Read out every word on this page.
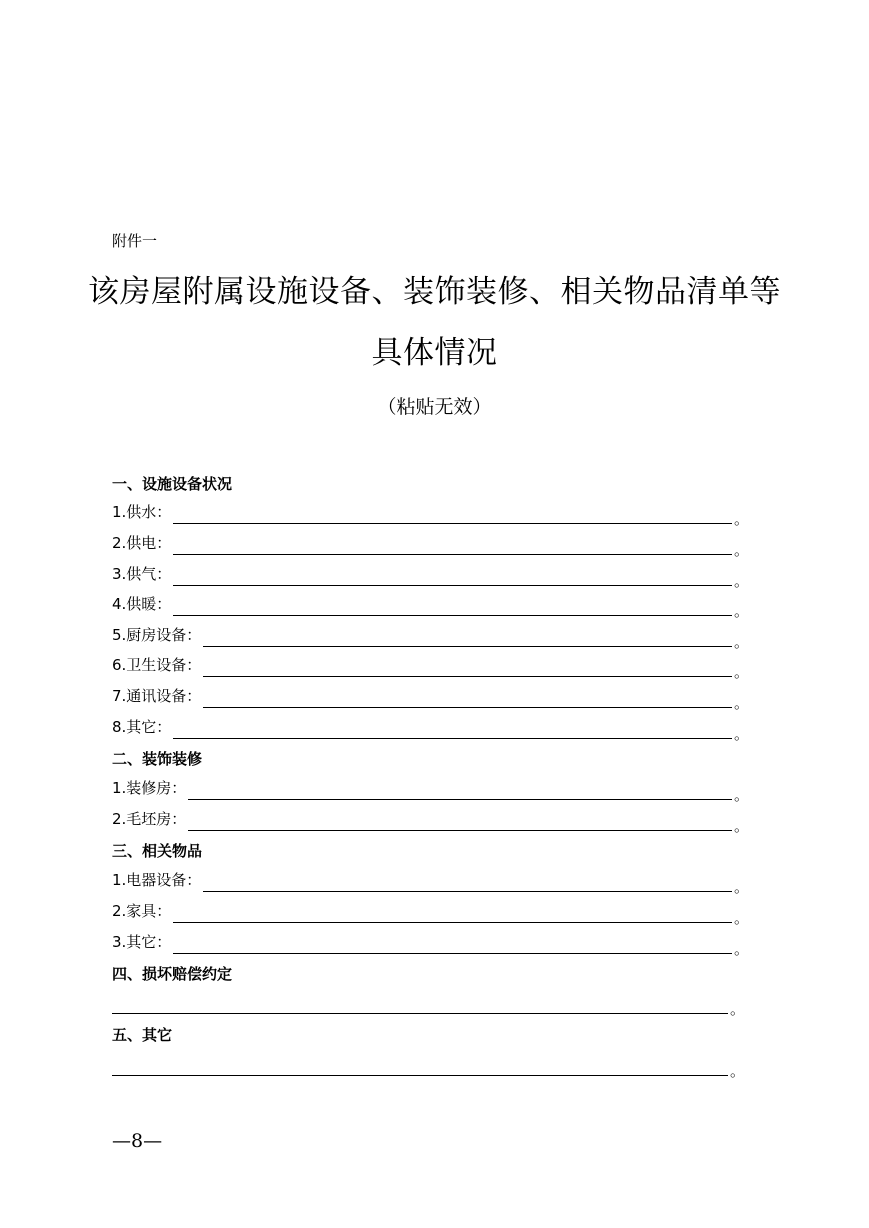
附件一
该房屋附属设施设备、装饰装修、相关物品清单等
具体情况
（粘贴无效）
一、设施设备状况
1.供水：	。
2.供电：	。
3.供气：	。
4.供暖：	。
5.厨房设备：	。
6.卫生设备：	。
7.通讯设备：	。
8.其它：	。
二、装饰装修
1.装修房：	。
2.毛坯房：	。
三、相关物品
1.电器设备：	。
2.家具：	。
3.其它：	。
四、损坏赔偿约定
。
五、其它
。
—8—
